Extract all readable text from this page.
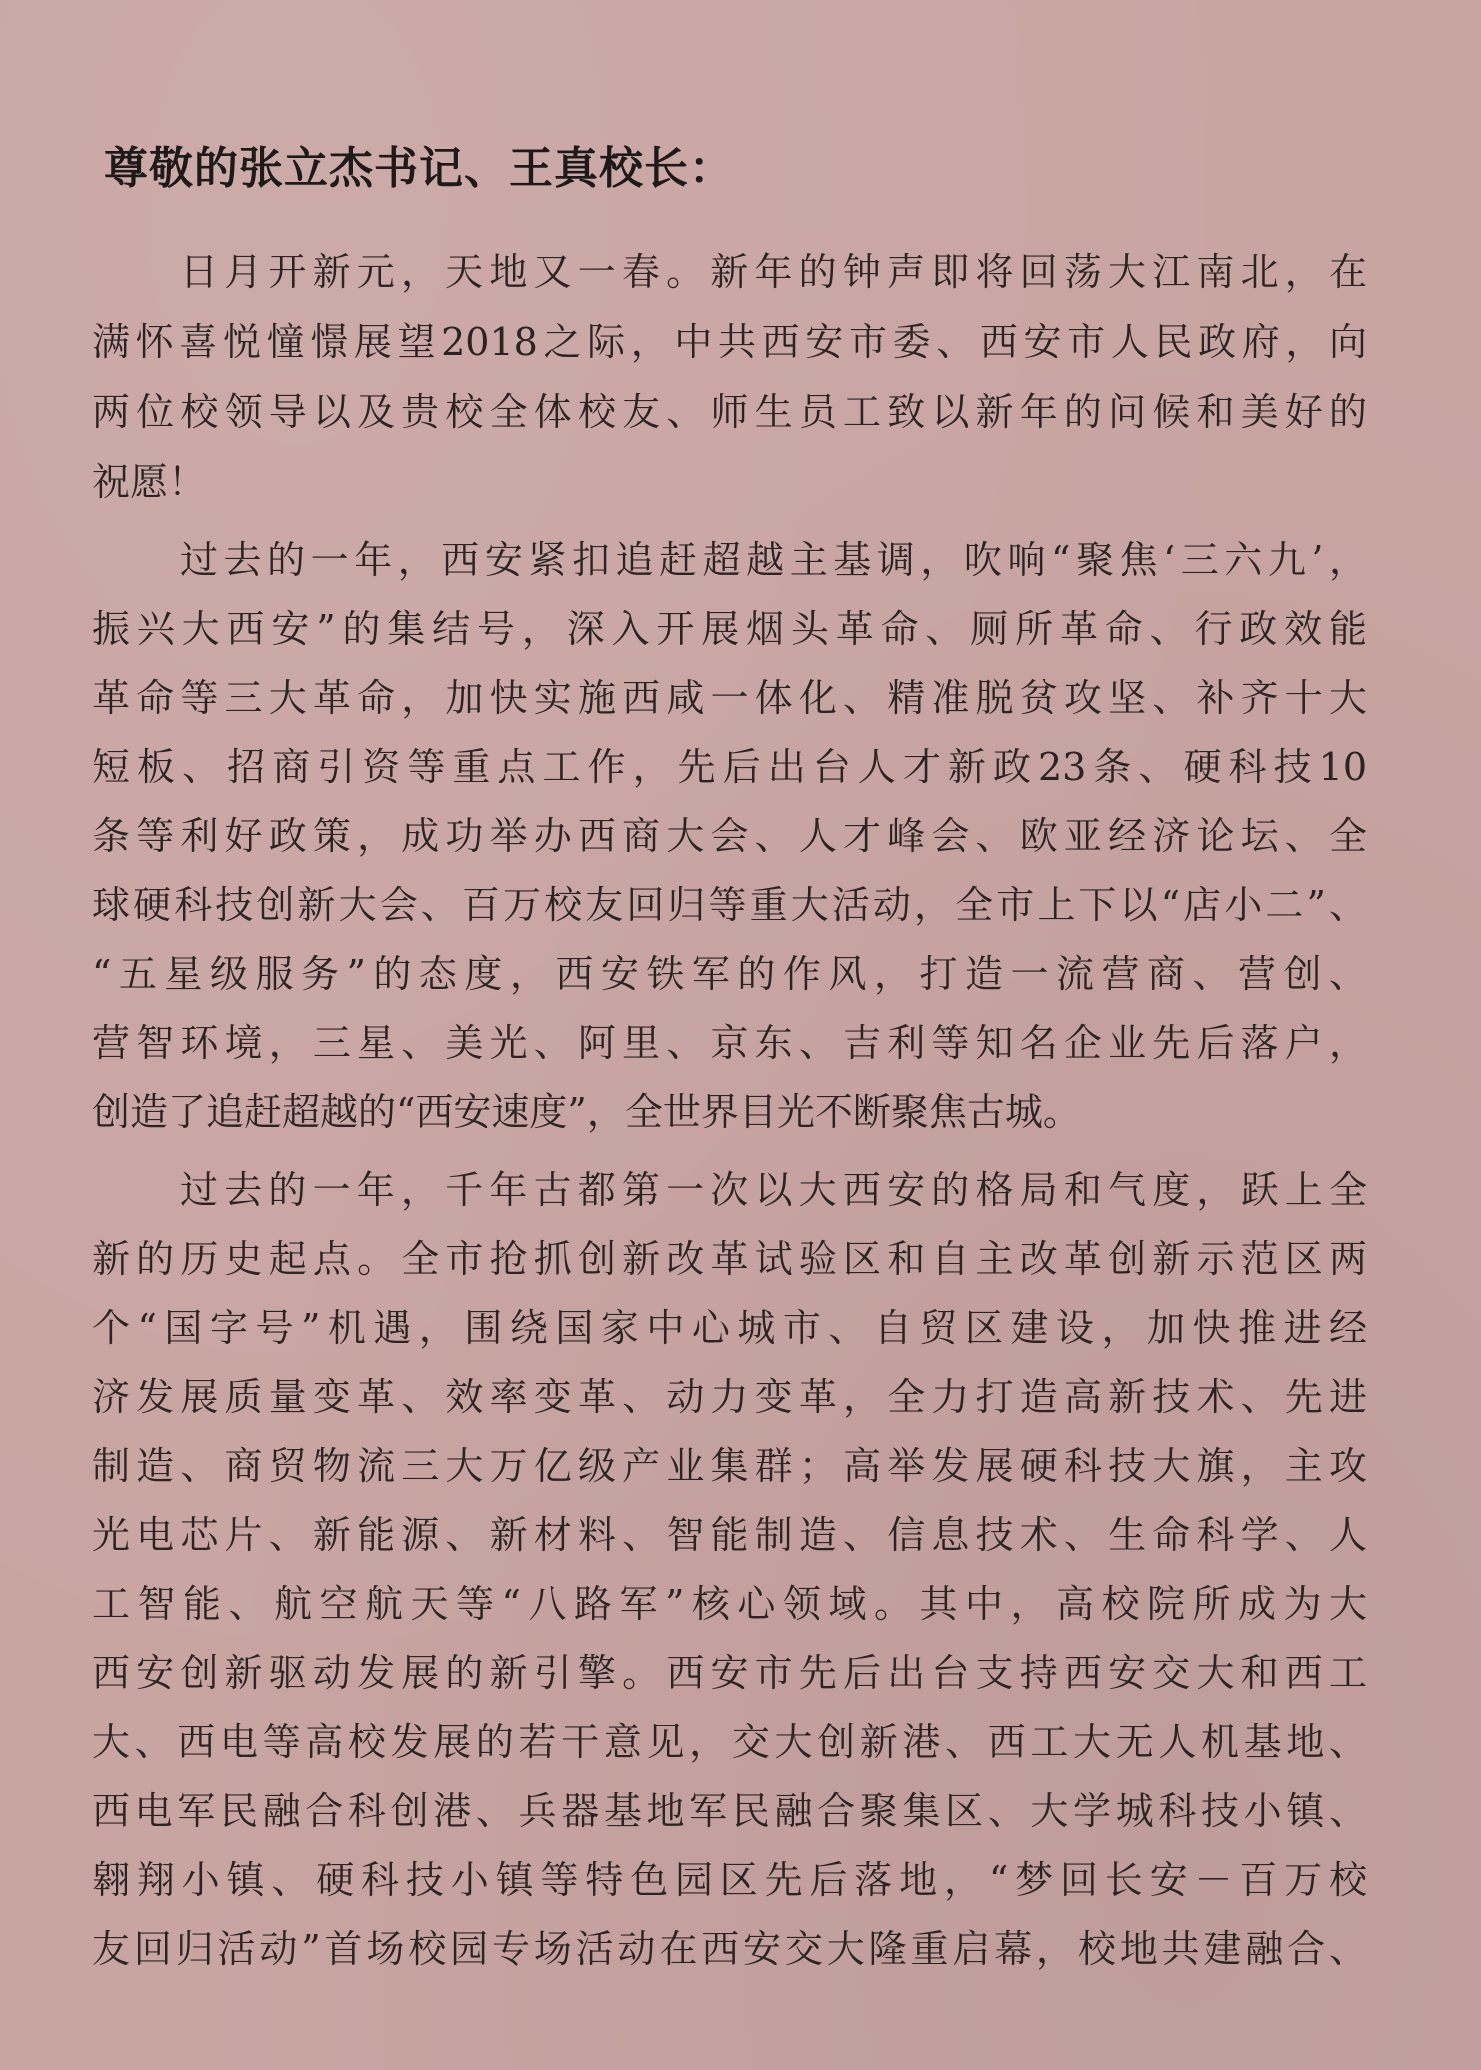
尊敬的张立杰书记、王真校长：

日月开新元，天地又一春。新年的钟声即将回荡大江南北，在

满怀喜悦憧憬展望2018之际，中共西安市委、西安市人民政府，向

两位校领导以及贵校全体校友、师生员工致以新年的问候和美好的

祝愿！

过去的一年，西安紧扣追赶超越主基调，吹响“聚焦‘三六九’，

振兴大西安”的集结号，深入开展烟头革命、厕所革命、行政效能

革命等三大革命，加快实施西咸一体化、精准脱贫攻坚、补齐十大

短板、招商引资等重点工作，先后出台人才新政23条、硬科技10

条等利好政策，成功举办西商大会、人才峰会、欧亚经济论坛、全

球硬科技创新大会、百万校友回归等重大活动，全市上下以“店小二”、

“五星级服务”的态度，西安铁军的作风，打造一流营商、营创、

营智环境，三星、美光、阿里、京东、吉利等知名企业先后落户，

创造了追赶超越的“西安速度”，全世界目光不断聚焦古城。

过去的一年，千年古都第一次以大西安的格局和气度，跃上全

新的历史起点。全市抢抓创新改革试验区和自主改革创新示范区两

个“国字号”机遇，围绕国家中心城市、自贸区建设，加快推进经

济发展质量变革、效率变革、动力变革，全力打造高新技术、先进

制造、商贸物流三大万亿级产业集群；高举发展硬科技大旗，主攻

光电芯片、新能源、新材料、智能制造、信息技术、生命科学、人

工智能、航空航天等“八路军”核心领域。其中，高校院所成为大

西安创新驱动发展的新引擎。西安市先后出台支持西安交大和西工

大、西电等高校发展的若干意见，交大创新港、西工大无人机基地、

西电军民融合科创港、兵器基地军民融合聚集区、大学城科技小镇、

翱翔小镇、硬科技小镇等特色园区先后落地，“梦回长安－百万校

友回归活动”首场校园专场活动在西安交大隆重启幕，校地共建融合、
